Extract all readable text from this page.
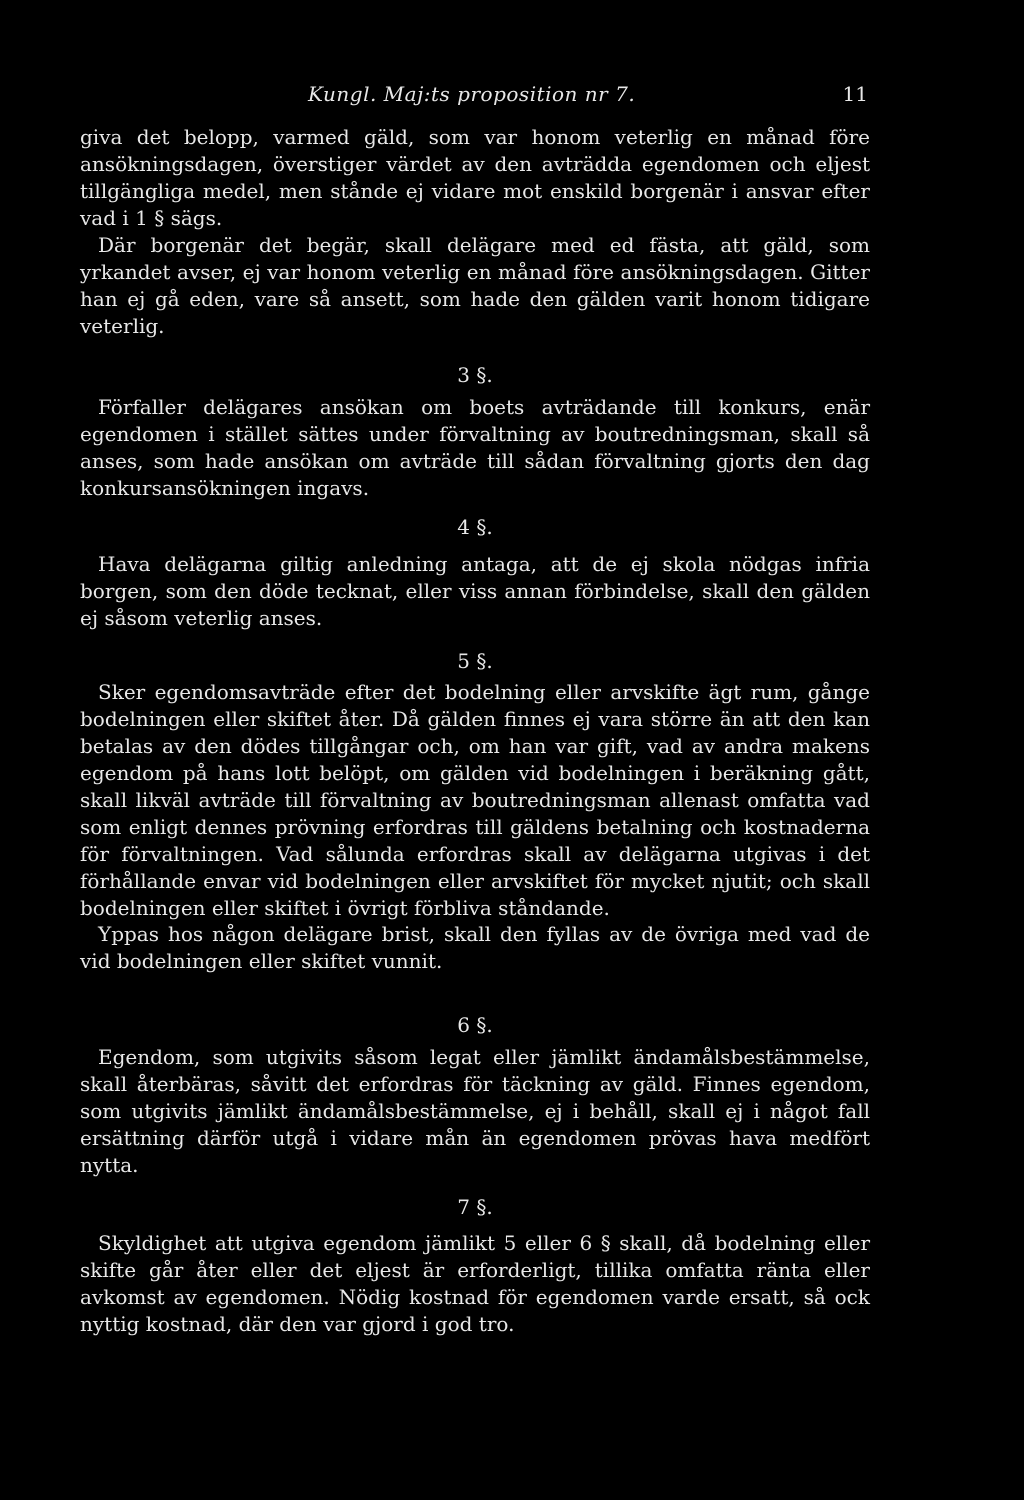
Kungl. Maj:ts proposition nr 7.	11

giva det belopp, varmed gäld, som var honom veterlig en månad före ansökningsdagen, överstiger värdet av den avträdda egendomen och eljest tillgängliga medel, men stånde ej vidare mot enskild borgenär i ansvar efter vad i 1 § sägs.

Där borgenär det begär, skall delägare med ed fästa, att gäld, som yrkandet avser, ej var honom veterlig en månad före ansökningsdagen. Gitter han ej gå eden, vare så ansett, som hade den gälden varit honom tidigare veterlig.

3 §.

Förfaller delägares ansökan om boets avträdande till konkurs, enär egendomen i stället sättes under förvaltning av boutredningsman, skall så anses, som hade ansökan om avträde till sådan förvaltning gjorts den dag konkursansökningen ingavs.

4 §.

Hava delägarna giltig anledning antaga, att de ej skola nödgas infria borgen, som den döde tecknat, eller viss annan förbindelse, skall den gälden ej såsom veterlig anses.

5 §.

Sker egendomsavträde efter det bodelning eller arvskifte ägt rum, gånge bodelningen eller skiftet åter. Då gälden finnes ej vara större än att den kan betalas av den dödes tillgångar och, om han var gift, vad av andra makens egendom på hans lott belöpt, om gälden vid bodelningen i beräkning gått, skall likväl avträde till förvaltning av boutredningsman allenast omfatta vad som enligt dennes prövning erfordras till gäldens betalning och kostnaderna för förvaltningen. Vad sålunda erfordras skall av delägarna utgivas i det förhållande envar vid bodelningen eller arvskiftet för mycket njutit; och skall bodelningen eller skiftet i övrigt förbliva ståndande.

Yppas hos någon delägare brist, skall den fyllas av de övriga med vad de vid bodelningen eller skiftet vunnit.

6 §.

Egendom, som utgivits såsom legat eller jämlikt ändamålsbestämmelse, skall återbäras, såvitt det erfordras för täckning av gäld. Finnes egendom, som utgivits jämlikt ändamålsbestämmelse, ej i behåll, skall ej i något fall ersättning därför utgå i vidare mån än egendomen prövas hava medfört nytta.

7 §.

Skyldighet att utgiva egendom jämlikt 5 eller 6 § skall, då bodelning eller skifte går åter eller det eljest är erforderligt, tillika omfatta ränta eller avkomst av egendomen. Nödig kostnad för egendomen varde ersatt, så ock nyttig kostnad, där den var gjord i god tro.
